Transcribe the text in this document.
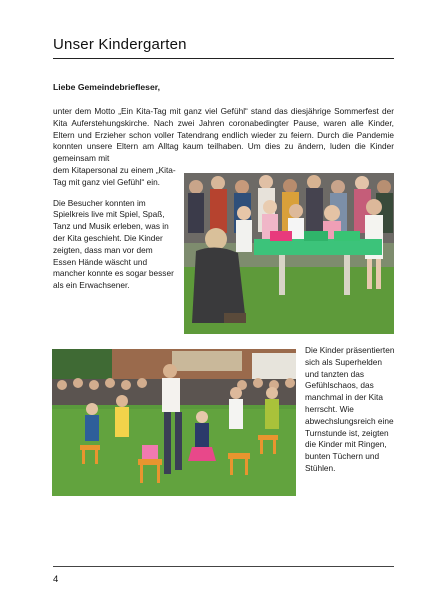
Unser Kindergarten
Liebe Gemeindebriefleser,

unter dem Motto „Ein Kita-Tag mit ganz viel Gefühl“ stand das diesjährige Sommerfest der Kita Auferstehungskirche. Nach zwei Jahren coronabedingter Pause, waren alle Kinder, Eltern und Erzieher schon voller Tatendrang endlich wieder zu feiern. Durch die Pandemie konnten unsere Eltern am Alltag kaum teilhaben. Um dies zu ändern, luden die Kinder gemeinsam mit

dem Kitapersonal zu einem „Kita-Tag mit ganz viel Gefühl“ ein.

Die Besucher konnten im Spielkreis live mit Spiel, Spaß, Tanz und Musik erleben, was in der Kita geschieht. Die Kinder zeigten, dass man vor dem Essen Hände wäscht und mancher konnte es sogar besser als ein Erwachsener.

Die Kinder präsentierten sich als Superhelden und tanzten das Gefühlschaos, das manchmal in der Kita herrscht. Wie abwechslungsreich eine Turnstunde ist, zeigten die Kinder mit Ringen, bunten Tüchern und Stühlen.
4
